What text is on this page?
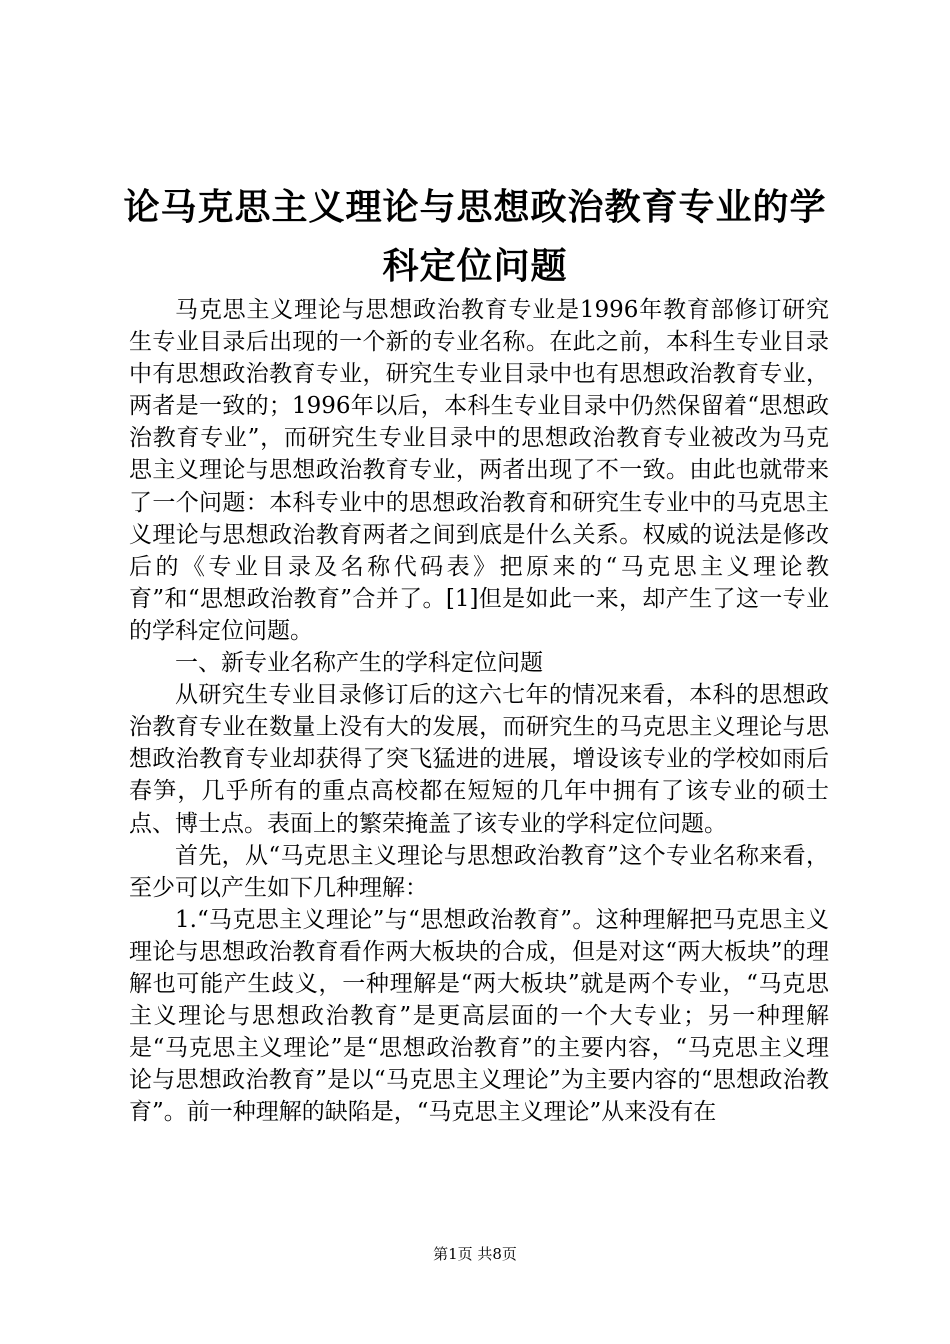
论马克思主义理论与思想政治教育专业的学科定位问题

马克思主义理论与思想政治教育专业是1996年教育部修订研究生专业目录后出现的一个新的专业名称。在此之前，本科生专业目录中有思想政治教育专业，研究生专业目录中也有思想政治教育专业，两者是一致的；1996年以后，本科生专业目录中仍然保留着“思想政治教育专业”，而研究生专业目录中的思想政治教育专业被改为马克思主义理论与思想政治教育专业，两者出现了不一致。由此也就带来了一个问题：本科专业中的思想政治教育和研究生专业中的马克思主义理论与思想政治教育两者之间到底是什么关系。权威的说法是修改后的《专业目录及名称代码表》把原来的“马克思主义理论教育”和“思想政治教育”合并了。[1]但是如此一来，却产生了这一专业的学科定位问题。

一、新专业名称产生的学科定位问题

从研究生专业目录修订后的这六七年的情况来看，本科的思想政治教育专业在数量上没有大的发展，而研究生的马克思主义理论与思想政治教育专业却获得了突飞猛进的进展，增设该专业的学校如雨后春笋，几乎所有的重点高校都在短短的几年中拥有了该专业的硕士点、博士点。表面上的繁荣掩盖了该专业的学科定位问题。

首先，从“马克思主义理论与思想政治教育”这个专业名称来看，至少可以产生如下几种理解：

1.“马克思主义理论”与“思想政治教育”。这种理解把马克思主义理论与思想政治教育看作两大板块的合成，但是对这“两大板块”的理解也可能产生歧义，一种理解是“两大板块”就是两个专业，“马克思主义理论与思想政治教育”是更高层面的一个大专业；另一种理解是“马克思主义理论”是“思想政治教育”的主要内容，“马克思主义理论与思想政治教育”是以“马克思主义理论”为主要内容的“思想政治教育”。前一种理解的缺陷是，“马克思主义理论”从来没有在

第1页 共8页
